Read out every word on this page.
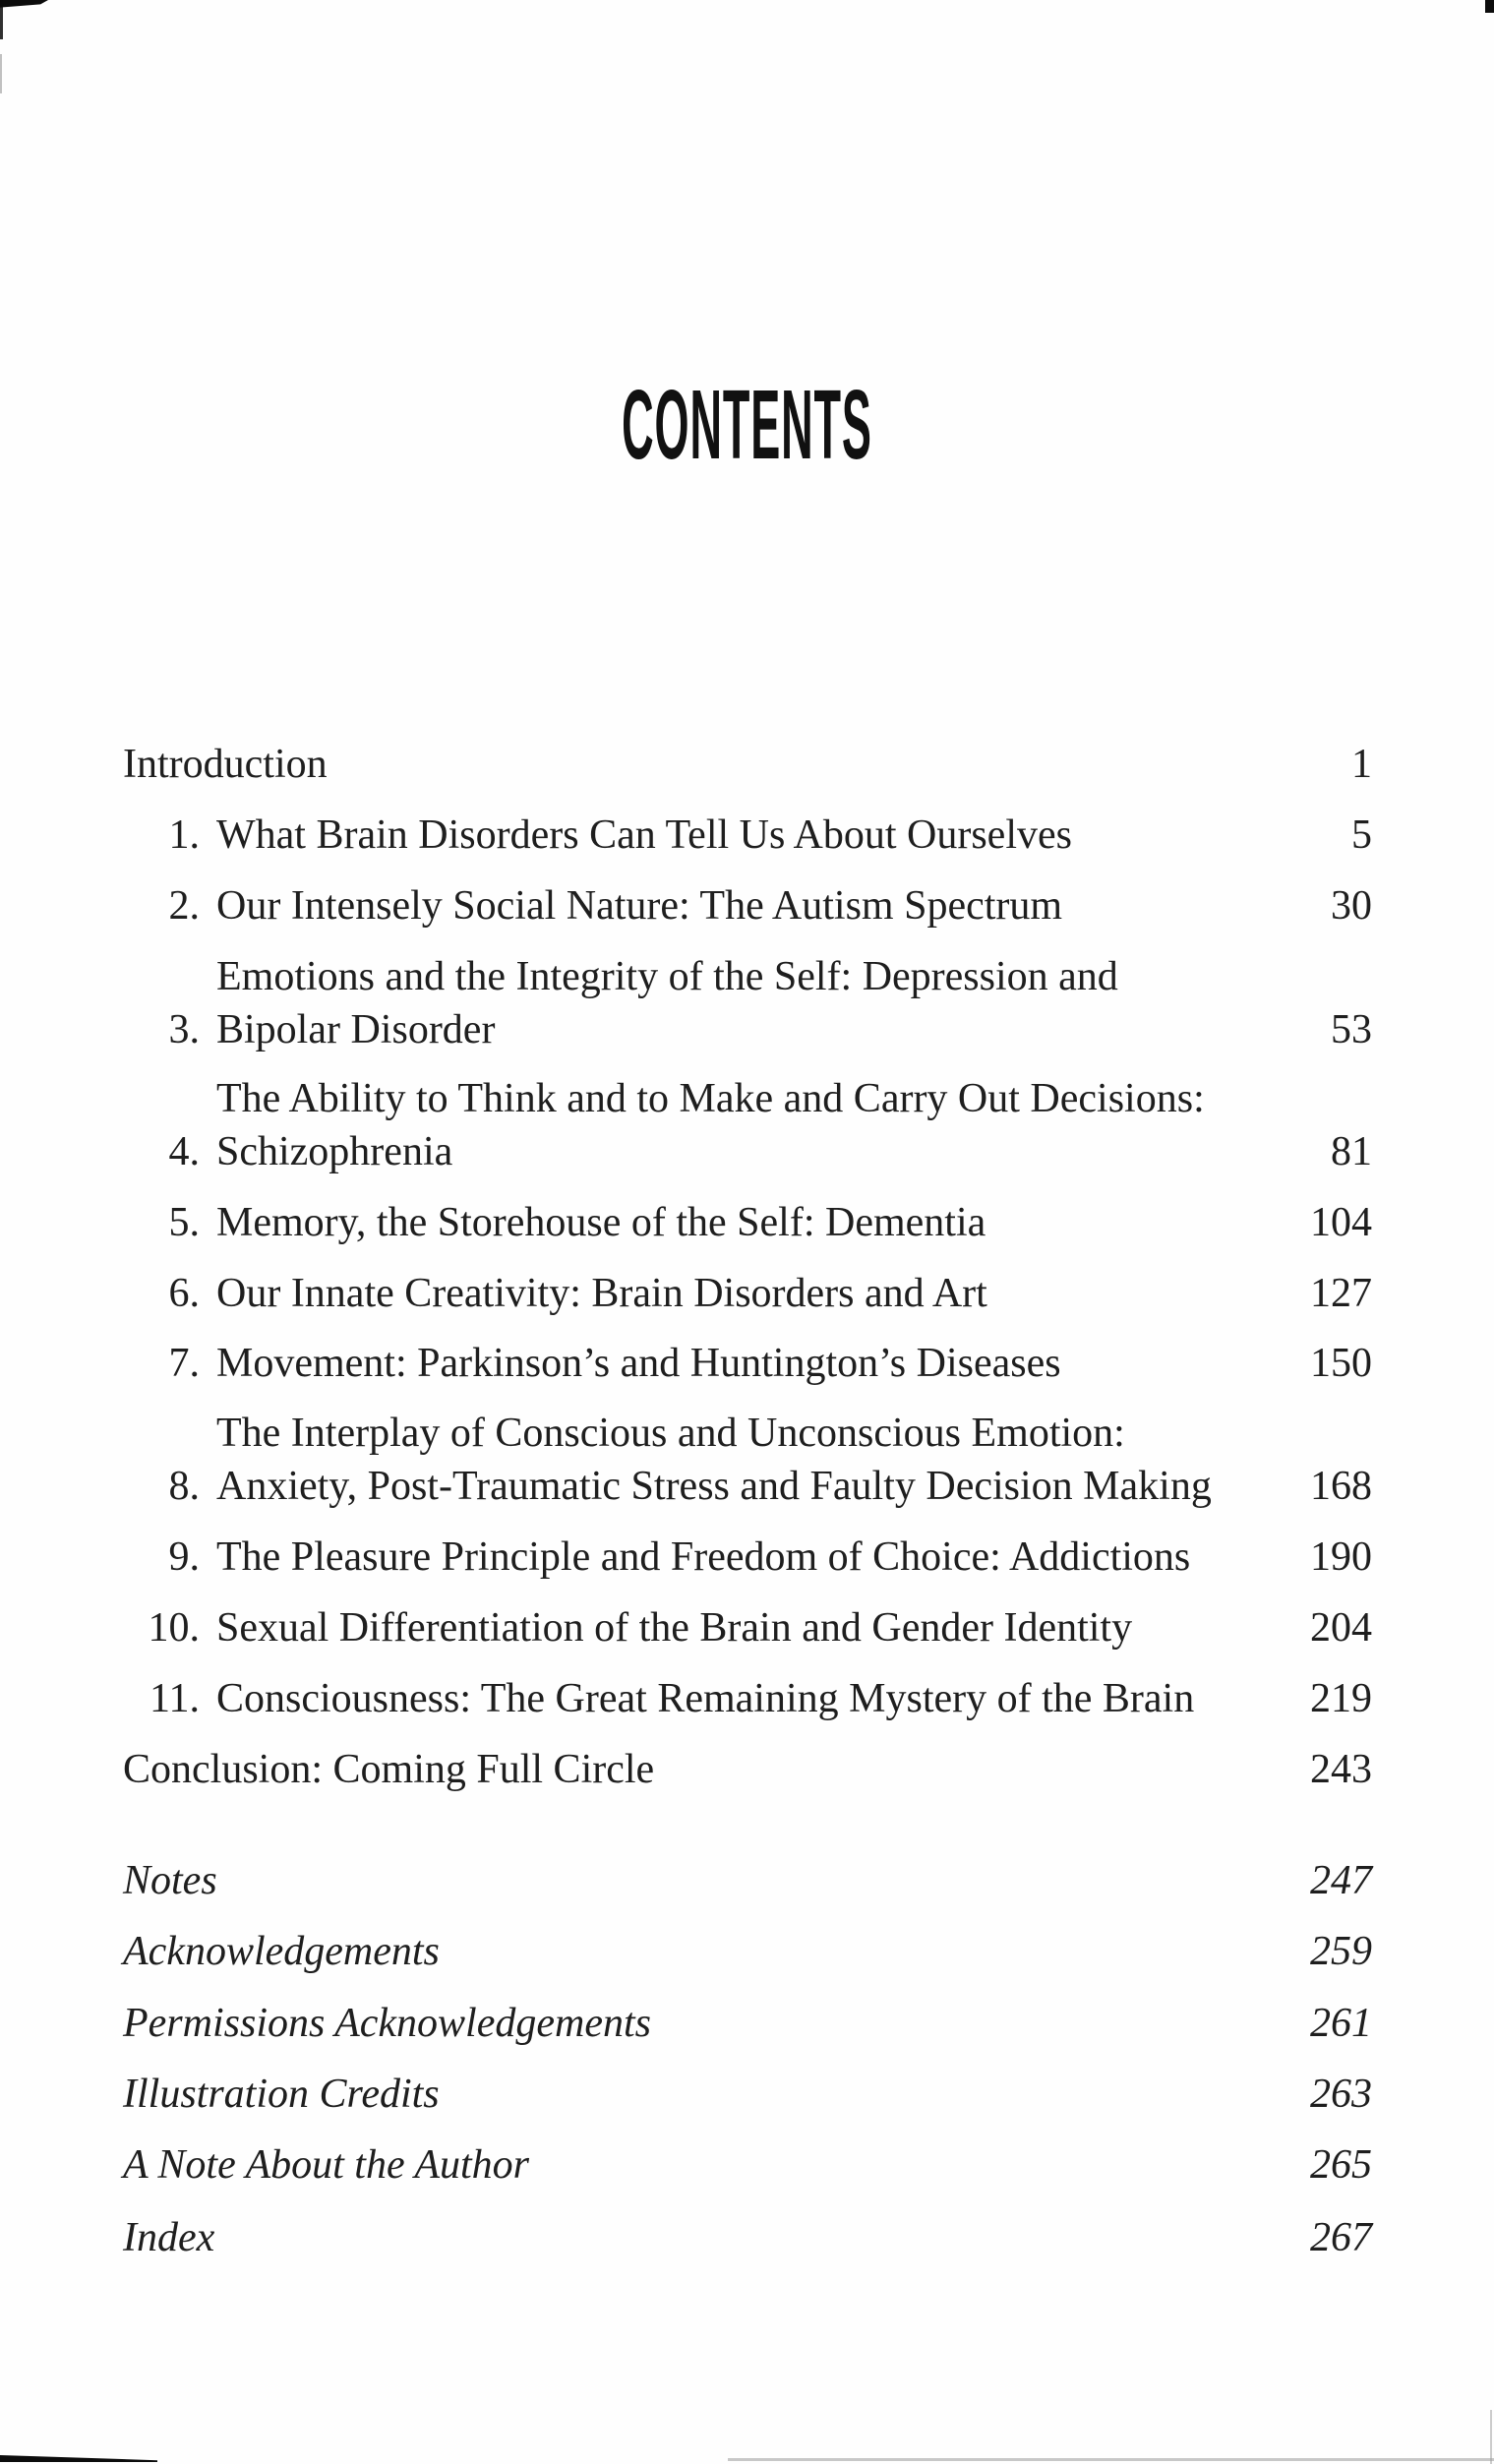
CONTENTS
Introduction	1
1. What Brain Disorders Can Tell Us About Ourselves	5
2. Our Intensely Social Nature: The Autism Spectrum	30
3.
Emotions and the Integrity of the Self: Depression and
Bipolar Disorder	53
4.
The Ability to Think and to Make and Carry Out Decisions:
Schizophrenia	81
5. Memory, the Storehouse of the Self: Dementia	104
6. Our Innate Creativity: Brain Disorders and Art	127
7. Movement: Parkinson’s and Huntington’s Diseases	150
8.
The Interplay of Conscious and Unconscious Emotion:
Anxiety, Post-Traumatic Stress and Faulty Decision Making	168
9. The Pleasure Principle and Freedom of Choice: Addictions	190
10. Sexual Differentiation of the Brain and Gender Identity	204
11. Consciousness: The Great Remaining Mystery of the Brain	219
Conclusion: Coming Full Circle	243
Notes	247
Acknowledgements	259
Permissions Acknowledgements	261
Illustration Credits	263
A Note About the Author	265
Index	267
